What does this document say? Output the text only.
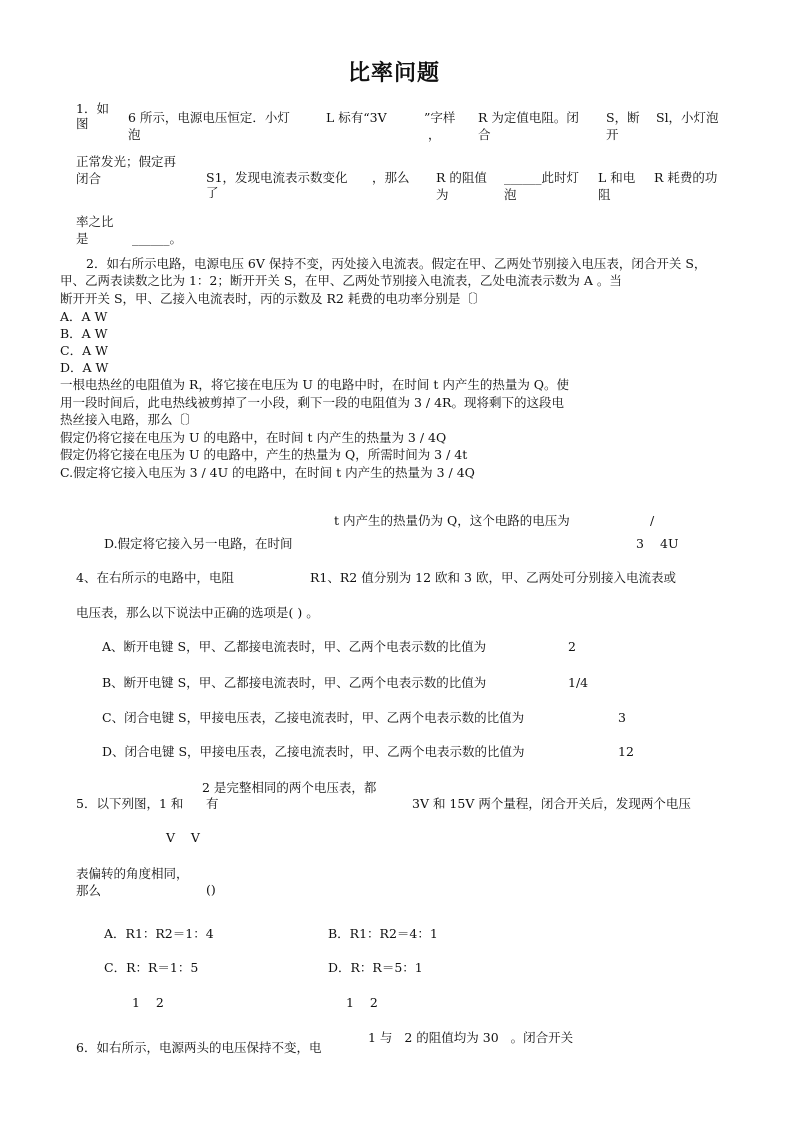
比率问题
1．如
图	6 所示，电源电压恒定．小灯	L 标有“3V	”字样 R 为定值电阻。闭 S，断 Sl，小灯泡
泡	，	合	开
正常发光；假定再
闭合	S1，发现电流表示数变化 ，那么 R 的阻值 ______此时灯 L 和电 R 耗费的功
了	为	泡	阻
率之比
是	______。
2．如右所示电路，电源电压 6V 保持不变，丙处接入电流表。假定在甲、乙两处节别接入电压表，闭合开关 S，
甲、乙两表读数之比为 1：2；断开开关 S，在甲、乙两处节别接入电流表，乙处电流表示数为 A 。当
断开开关 S，甲、乙接入电流表时，丙的示数及 R2 耗费的电功率分别是〔〕
A．A W
B．A W
C．A W
D．A W
一根电热丝的电阻值为 R，将它接在电压为 U 的电路中时，在时间 t 内产生的热量为 Q。使
用一段时间后，此电热线被剪掉了一小段，剩下一段的电阻值为 3 / 4R。现将剩下的这段电
热丝接入电路，那么〔〕
假定仍将它接在电压为 U 的电路中，在时间 t 内产生的热量为 3 / 4Q
假定仍将它接在电压为 U 的电路中，产生的热量为 Q，所需时间为 3 / 4t
C.假定将它接入电压为 3 / 4U 的电路中，在时间 t 内产生的热量为 3 / 4Q
t 内产生的热量仍为 Q，这个电路的电压为	/
D.假定将它接入另一电路，在时间	3 4U
4、在右所示的电路中，电阻	R1、R2 值分别为 12 欧和 3 欧，甲、乙两处可分别接入电流表或
电压表，那么以下说法中正确的选项是( ) 。
A、断开电键 S，甲、乙都接电流表时，甲、乙两个电表示数的比值为	2
B、断开电键 S，甲、乙都接电流表时，甲、乙两个电表示数的比值为	1/4
C、闭合电键 S，甲接电压表，乙接电流表时，甲、乙两个电表示数的比值为	3
D、闭合电键 S，甲接电压表，乙接电流表时，甲、乙两个电表示数的比值为	12
2 是完整相同的两个电压表，都
5．以下列图，1 和 有	3V 和 15V 两个量程，闭合开关后，发现两个电压
V    V
表偏转的角度相同，
那么	()
A．R1：R2＝1：4	B．R1：R2＝4：1
C．R：R＝1：5	D．R：R＝5：1
1    2	1    2
6．如右所示，电源两头的电压保持不变，电
1 与   2 的阻值均为 30   。闭合开关
